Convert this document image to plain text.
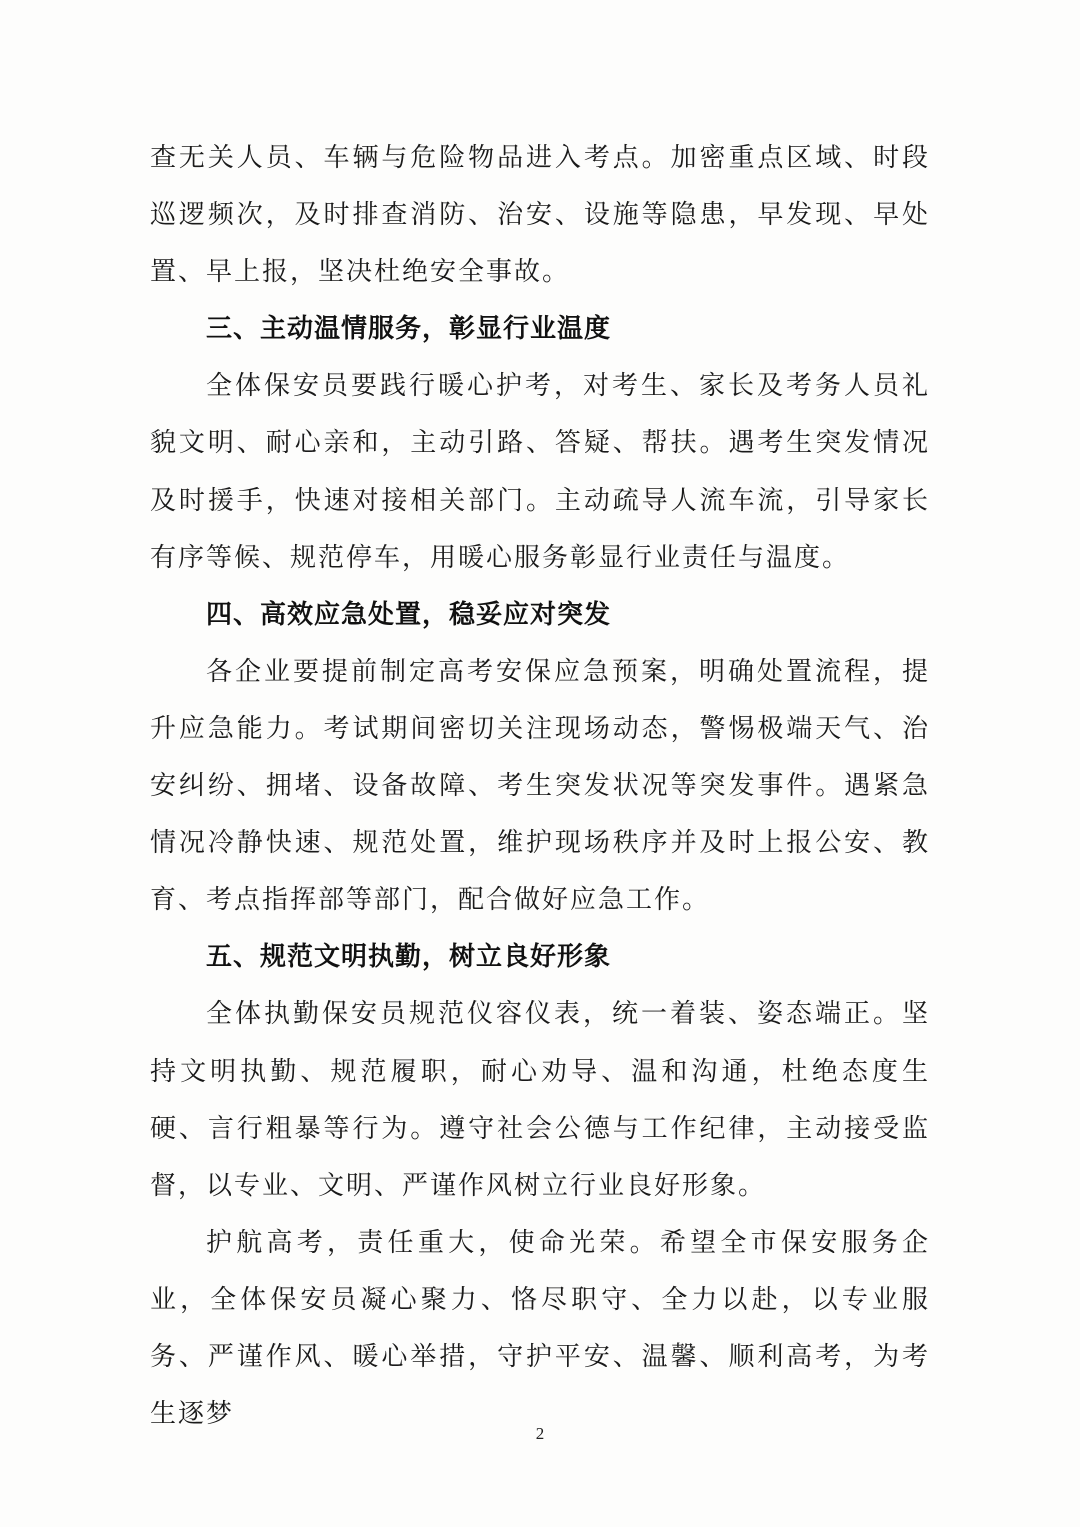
查无关人员、车辆与危险物品进入考点。加密重点区域、时段巡逻频次，及时排查消防、治安、设施等隐患，早发现、早处置、早上报，坚决杜绝安全事故。

三、主动温情服务，彰显行业温度

全体保安员要践行暖心护考，对考生、家长及考务人员礼貌文明、耐心亲和，主动引路、答疑、帮扶。遇考生突发情况及时援手，快速对接相关部门。主动疏导人流车流，引导家长有序等候、规范停车，用暖心服务彰显行业责任与温度。

四、高效应急处置，稳妥应对突发

各企业要提前制定高考安保应急预案，明确处置流程，提升应急能力。考试期间密切关注现场动态，警惕极端天气、治安纠纷、拥堵、设备故障、考生突发状况等突发事件。遇紧急情况冷静快速、规范处置，维护现场秩序并及时上报公安、教育、考点指挥部等部门，配合做好应急工作。

五、规范文明执勤，树立良好形象

全体执勤保安员规范仪容仪表，统一着装、姿态端正。坚持文明执勤、规范履职，耐心劝导、温和沟通，杜绝态度生硬、言行粗暴等行为。遵守社会公德与工作纪律，主动接受监督，以专业、文明、严谨作风树立行业良好形象。

护航高考，责任重大，使命光荣。希望全市保安服务企业，全体保安员凝心聚力、恪尽职守、全力以赴，以专业服务、严谨作风、暖心举措，守护平安、温馨、顺利高考，为考生逐梦

2
